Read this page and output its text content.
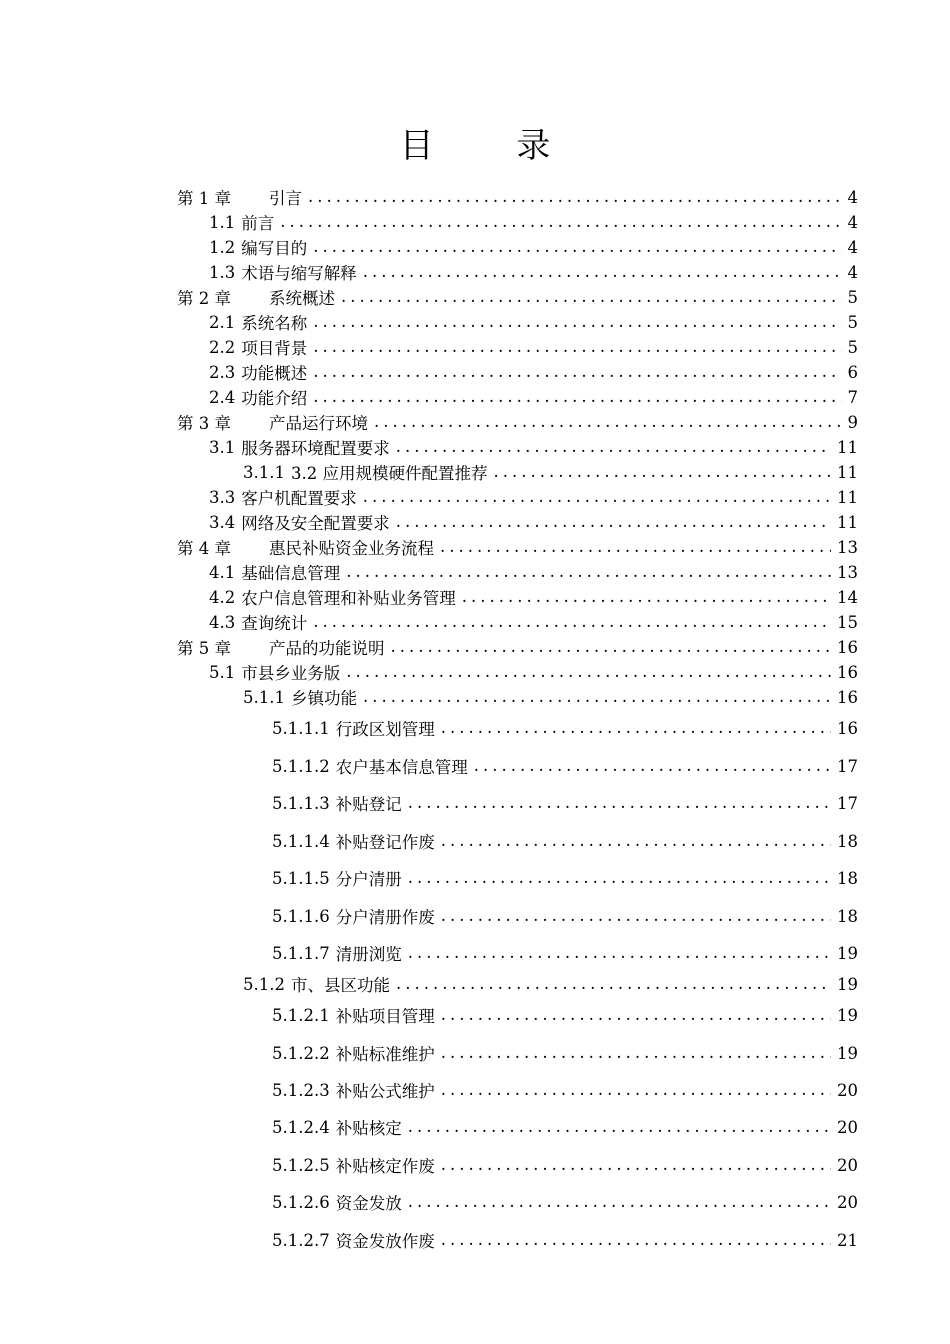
目 录
第 1 章 引言 .....	4
1.1 前言 .....	4
1.2 编写目的 .....	4
1.3 术语与缩写解释 .....	4
第 2 章 系统概述 .....	5
2.1 系统名称 .....	5
2.2 项目背景 .....	5
2.3 功能概述 .....	6
2.4 功能介绍 .....	7
第 3 章 产品运行环境 .....	9
3.1 服务器环境配置要求 .....	11
3.1.1 3.2 应用规模硬件配置推荐 .....	11
3.3 客户机配置要求 .....	11
3.4 网络及安全配置要求 .....	11
第 4 章 惠民补贴资金业务流程 .....	13
4.1 基础信息管理 .....	13
4.2 农户信息管理和补贴业务管理 .....	14
4.3 查询统计 .....	15
第 5 章 产品的功能说明 .....	16
5.1 市县乡业务版 .....	16
5.1.1 乡镇功能 .....	16
5.1.1.1 行政区划管理 .....	16
5.1.1.2 农户基本信息管理 .....	17
5.1.1.3 补贴登记 .....	17
5.1.1.4 补贴登记作废 .....	18
5.1.1.5 分户清册 .....	18
5.1.1.6 分户清册作废 .....	18
5.1.1.7 清册浏览 .....	19
5.1.2 市、县区功能 .....	19
5.1.2.1 补贴项目管理 .....	19
5.1.2.2 补贴标准维护 .....	19
5.1.2.3 补贴公式维护 .....	20
5.1.2.4 补贴核定 .....	20
5.1.2.5 补贴核定作废 .....	20
5.1.2.6 资金发放 .....	20
5.1.2.7 资金发放作废 .....	21
